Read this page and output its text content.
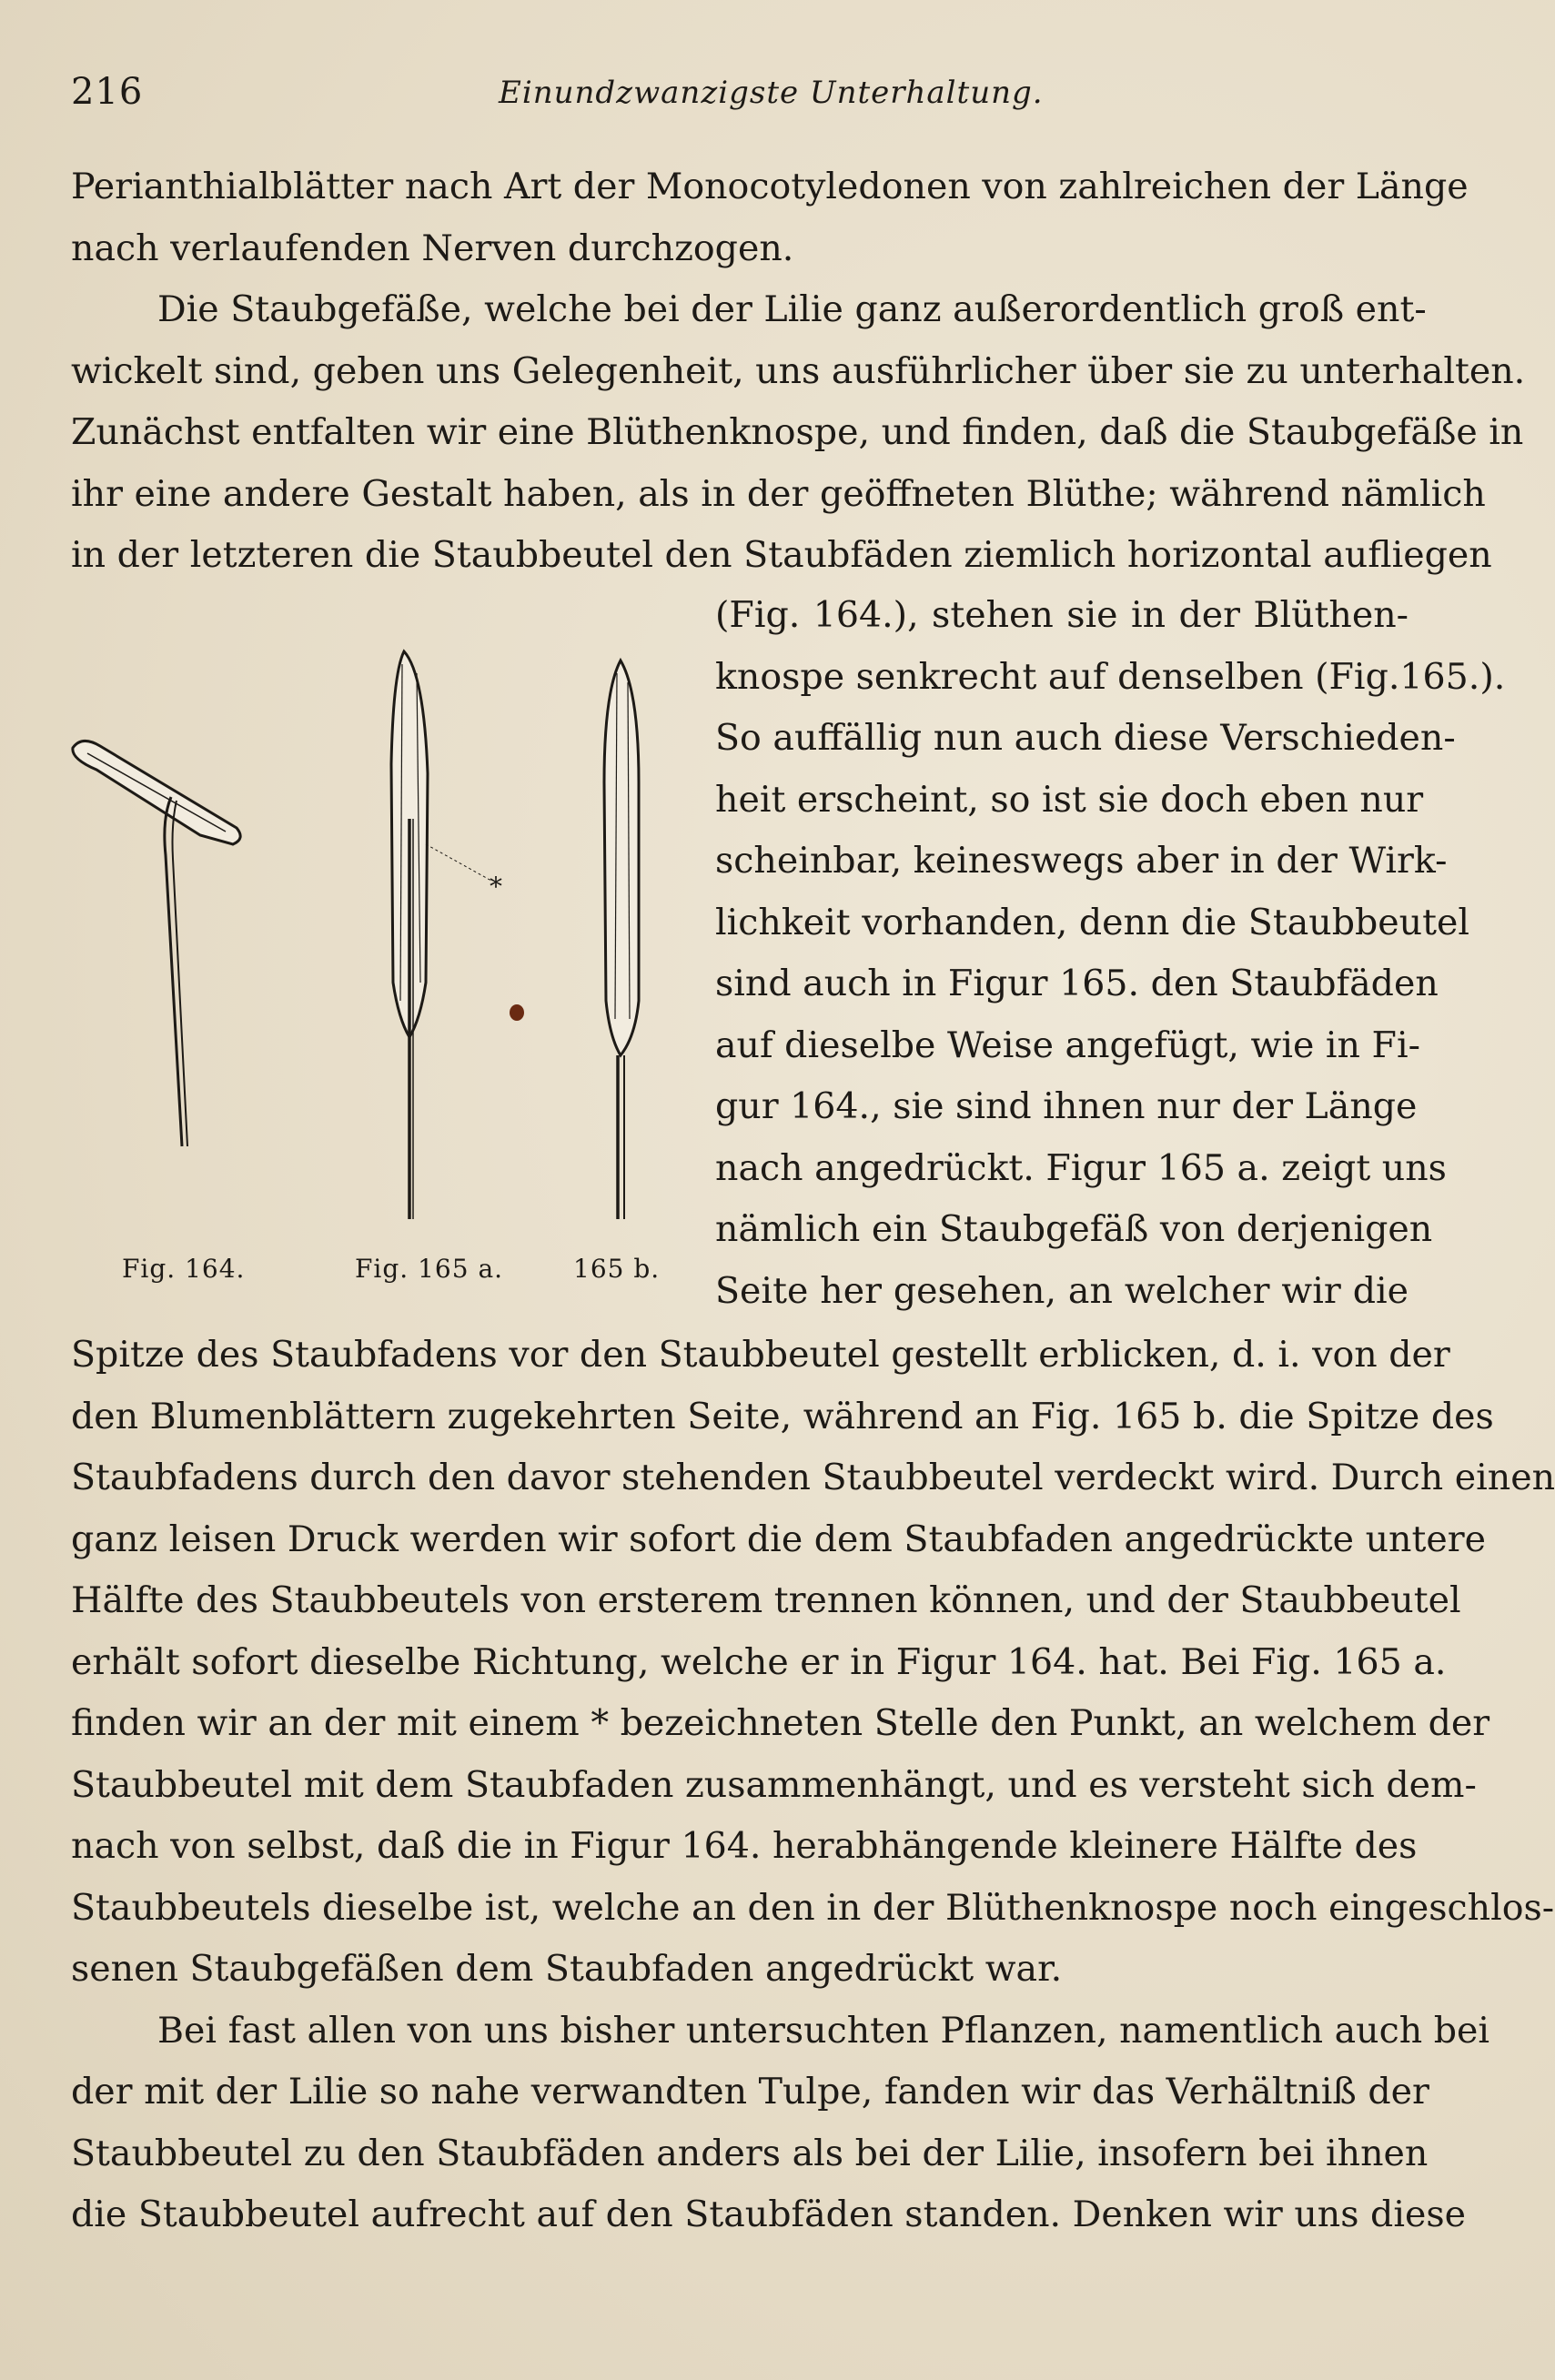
216	Einundzwanzigste Unterhaltung.
Perianthialblätter nach Art der Monocotyledonen von zahlreichen der Länge
nach verlaufenden Nerven durchzogen.
Die Staubgefäße, welche bei der Lilie ganz außerordentlich groß ent-
wickelt sind, geben uns Gelegenheit, uns ausführlicher über sie zu unterhalten.
Zunächst entfalten wir eine Blüthenknospe, und finden, daß die Staubgefäße in
ihr eine andere Gestalt haben, als in der geöffneten Blüthe; während nämlich
in der letzteren die Staubbeutel den Staubfäden ziemlich horizontal aufliegen
(Fig. 164.), stehen sie in der Blüthen-
knospe senkrecht auf denselben (Fig.165.).
So auffällig nun auch diese Verschieden-
heit erscheint, so ist sie doch eben nur
scheinbar, keineswegs aber in der Wirk-
lichkeit vorhanden, denn die Staubbeutel
sind auch in Figur 165. den Staubfäden
auf dieselbe Weise angefügt, wie in Fi-
gur 164., sie sind ihnen nur der Länge
nach angedrückt. Figur 165 a. zeigt uns
nämlich ein Staubgefäß von derjenigen
Seite her gesehen, an welcher wir die
*
Fig. 164.	Fig. 165 a.	165 b.
Spitze des Staubfadens vor den Staubbeutel gestellt erblicken, d. i. von der
den Blumenblättern zugekehrten Seite, während an Fig. 165 b. die Spitze des
Staubfadens durch den davor stehenden Staubbeutel verdeckt wird. Durch einen
ganz leisen Druck werden wir sofort die dem Staubfaden angedrückte untere
Hälfte des Staubbeutels von ersterem trennen können, und der Staubbeutel
erhält sofort dieselbe Richtung, welche er in Figur 164. hat. Bei Fig. 165 a.
finden wir an der mit einem * bezeichneten Stelle den Punkt, an welchem der
Staubbeutel mit dem Staubfaden zusammenhängt, und es versteht sich dem-
nach von selbst, daß die in Figur 164. herabhängende kleinere Hälfte des
Staubbeutels dieselbe ist, welche an den in der Blüthenknospe noch eingeschlos-
senen Staubgefäßen dem Staubfaden angedrückt war.
Bei fast allen von uns bisher untersuchten Pflanzen, namentlich auch bei
der mit der Lilie so nahe verwandten Tulpe, fanden wir das Verhältniß der
Staubbeutel zu den Staubfäden anders als bei der Lilie, insofern bei ihnen
die Staubbeutel aufrecht auf den Staubfäden standen. Denken wir uns diese
